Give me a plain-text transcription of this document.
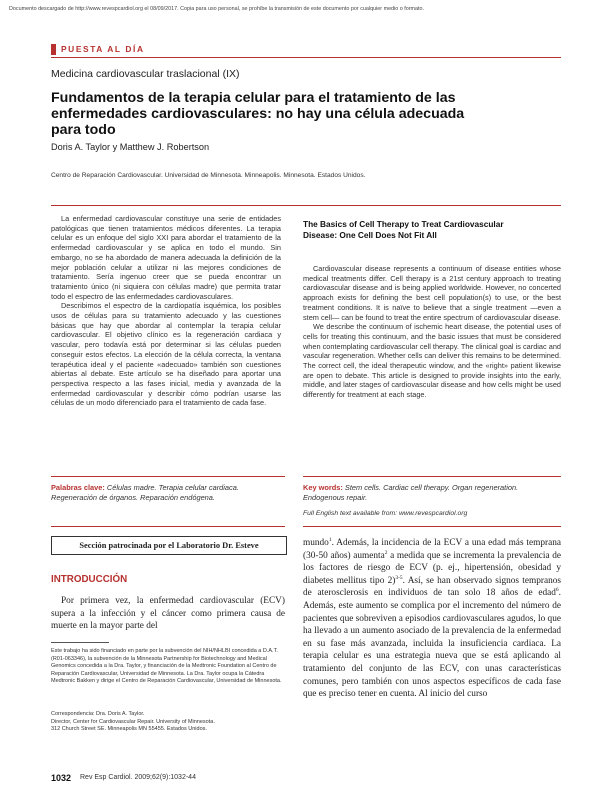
Documento descargado de http://www.revespcardiol.org el 08/09/2017. Copia para uso personal, se prohíbe la transmisión de este documento por cualquier medio o formato.
PUESTA AL DÍA
Medicina cardiovascular traslacional (IX)
Fundamentos de la terapia celular para el tratamiento de las enfermedades cardiovasculares: no hay una célula adecuada para todo
Doris A. Taylor y Matthew J. Robertson
Centro de Reparación Cardiovascular. Universidad de Minnesota. Minneapolis. Minnesota. Estados Unidos.

La enfermedad cardiovascular constituye una serie de entidades patológicas que tienen tratamientos médicos diferentes. La terapia celular es un enfoque del siglo XXI para abordar el tratamiento de la enfermedad cardiovascular y se aplica en todo el mundo. Sin embargo, no se ha abordado de manera adecuada la definición de la mejor población celular a utilizar ni las mejores condiciones de tratamiento. Sería ingenuo creer que se pueda encontrar un tratamiento único (ni siquiera con células madre) que permita tratar todo el espectro de las enfermedades cardiovasculares.

Describimos el espectro de la cardiopatía isquémica, los posibles usos de células para su tratamiento adecuado y las cuestiones básicas que hay que abordar al contemplar la terapia celular cardiovascular. El objetivo clínico es la regeneración cardiaca y vascular, pero todavía está por determinar si las células pueden conseguir estos efectos. La elección de la célula correcta, la ventana terapéutica ideal y el paciente «adecuado» también son cuestiones abiertas al debate. Este artículo se ha diseñado para aportar una perspectiva respecto a las fases inicial, media y avanzada de la enfermedad cardiovascular y describir cómo podrían usarse las células de un modo diferenciado para el tratamiento de cada fase.

The Basics of Cell Therapy to Treat Cardiovascular Disease: One Cell Does Not Fit All

Cardiovascular disease represents a continuum of disease entities whose medical treatments differ. Cell therapy is a 21st century approach to treating cardiovascular disease and is being applied worldwide. However, no concerted approach exists for defining the best cell population(s) to use, or the best treatment conditions. It is naïve to believe that a single treatment —even a stem cell— can be found to treat the entire spectrum of cardiovascular disease.

We describe the continuum of ischemic heart disease, the potential uses of cells for treating this continuum, and the basic issues that must be considered when contemplating cardiovascular cell therapy. The clinical goal is cardiac and vascular regeneration. Whether cells can deliver this remains to be determined. The correct cell, the ideal therapeutic window, and the «right» patient likewise are open to debate. This article is designed to provide insights into the early, middle, and later stages of cardiovascular disease and how cells might be used differently for treatment at each stage.

Palabras clave: Células madre. Terapia celular cardiaca. Regeneración de órganos. Reparación endógena.
Key words: Stem cells. Cardiac cell therapy. Organ regeneration. Endogenous repair.
Full English text available from: www.revespcardiol.org
Sección patrocinada por el Laboratorio Dr. Esteve
INTRODUCCIÓN

Por primera vez, la enfermedad cardiovascular (ECV) supera a la infección y el cáncer como primera causa de muerte en la mayor parte del

mundo$^1$. Además, la incidencia de la ECV a una edad más temprana (30-50 años) aumenta$^2$ a medida que se incrementa la prevalencia de los factores de riesgo de ECV (p. ej., hipertensión, obesidad y diabetes mellitus tipo 2)$^{3-5}$. Así, se han observado signos tempranos de aterosclerosis en individuos de tan solo 18 años de edad$^6$. Además, este aumento se complica por el incremento del número de pacientes que sobreviven a episodios cardiovasculares agudos, lo que ha llevado a un aumento asociado de la prevalencia de la enfermedad en su fase más avanzada, incluida la insuficiencia cardiaca. La terapia celular es una estrategia nueva que se está aplicando al tratamiento del conjunto de las ECV, con unas características comunes, pero también con unos aspectos específicos de cada fase que es preciso tener en cuenta. Al inicio del curso

Este trabajo ha sido financiado en parte por la subvención del NIH/NHLBI concedida a D.A.T. (R01-063346), la subvención de la Minnesota Partnership for Biotechnology and Medical Genomics concedida a la Dra. Taylor, y financiación de la Medtronic Foundation al Centro de Reparación Cardiovascular, Universidad de Minnesota. La Dra. Taylor ocupa la Cátedra Medtronic Bakken y dirige el Centro de Reparación Cardiovascular, Universidad de Minnesota.

Correspondencia: Dra. Doris A. Taylor.

Director, Center for Cardiovascular Repair. University of Minnesota.

312 Church Street SE. Minneapolis MN 55455. Estados Unidos.

1032 Rev Esp Cardiol. 2009;62(9):1032-44
